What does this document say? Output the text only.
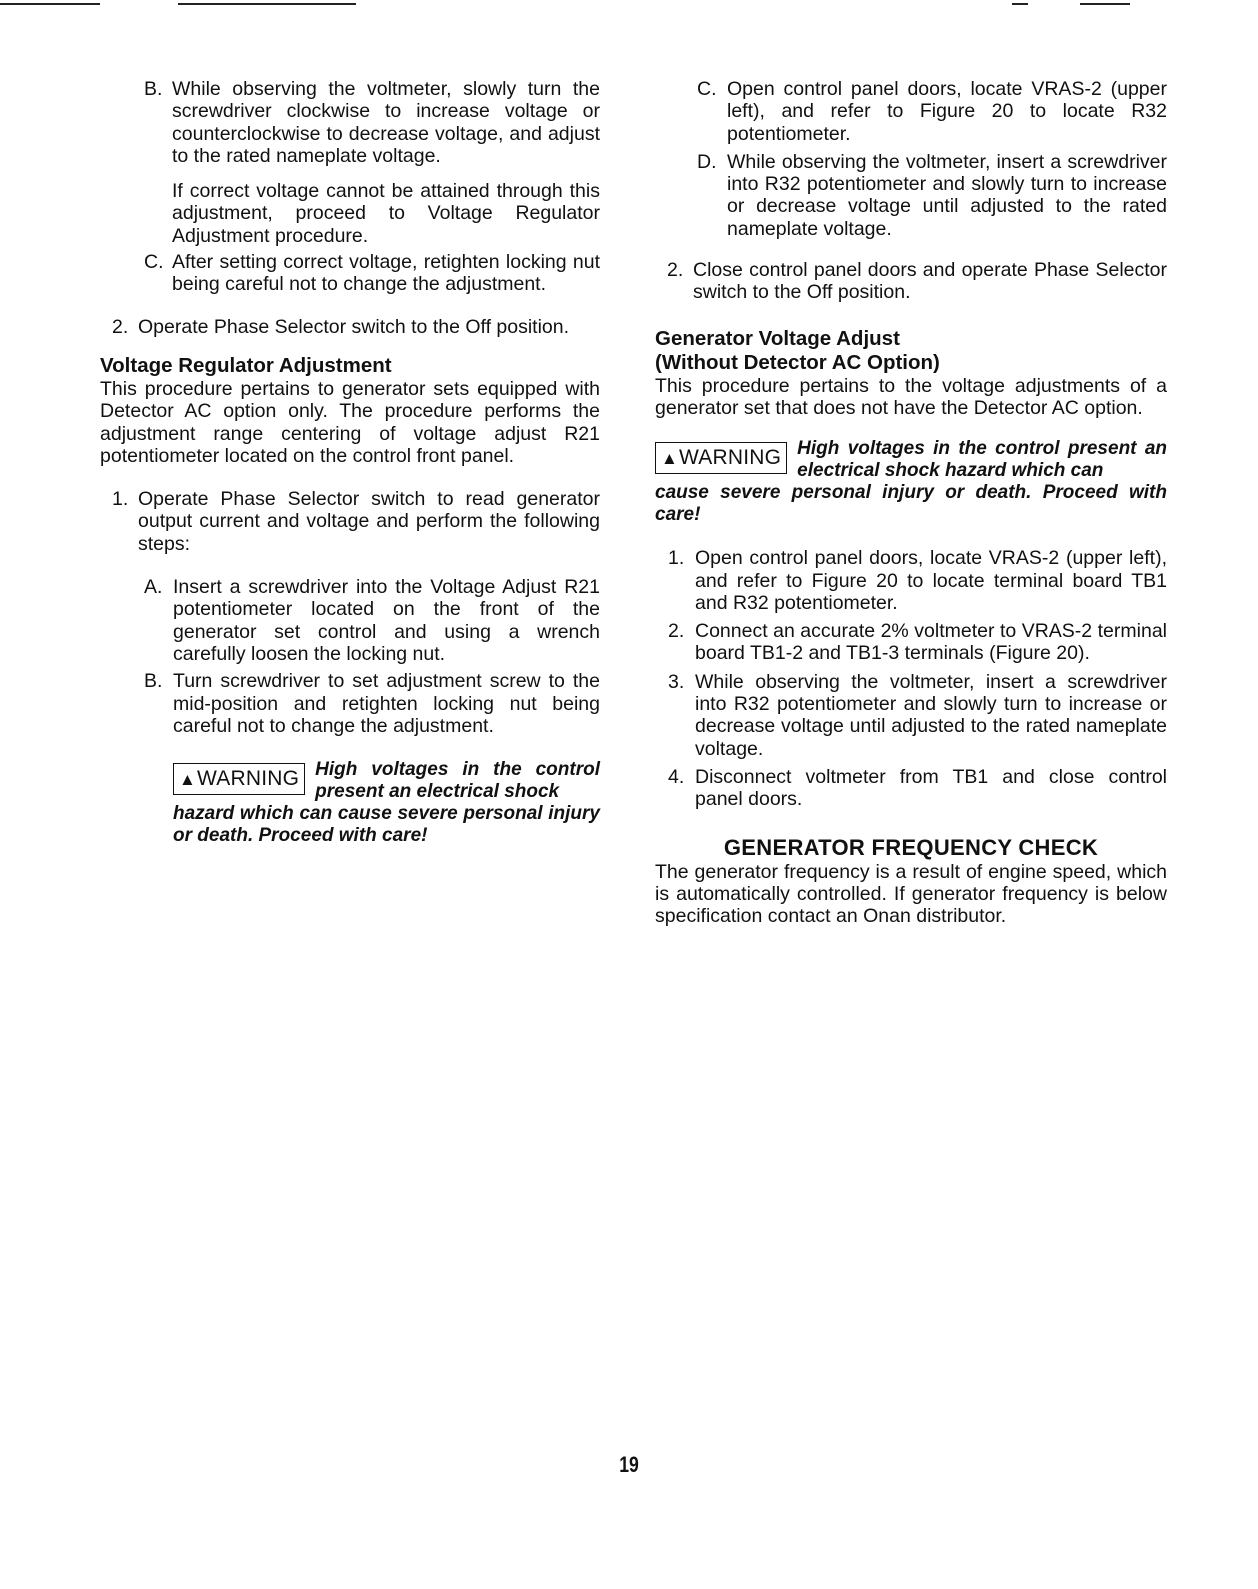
B. While observing the voltmeter, slowly turn the screwdriver clockwise to increase voltage or counterclockwise to decrease voltage, and adjust to the rated nameplate voltage.
If correct voltage cannot be attained through this adjustment, proceed to Voltage Regulator Adjustment procedure.
C. After setting correct voltage, retighten locking nut being careful not to change the adjustment.
2. Operate Phase Selector switch to the Off position.
Voltage Regulator Adjustment
This procedure pertains to generator sets equipped with Detector AC option only. The procedure performs the adjustment range centering of voltage adjust R21 potentiometer located on the control front panel.
1. Operate Phase Selector switch to read generator output current and voltage and perform the following steps:
A. Insert a screwdriver into the Voltage Adjust R21 potentiometer located on the front of the generator set control and using a wrench carefully loosen the locking nut.
B. Turn screwdriver to set adjustment screw to the mid-position and retighten locking nut being careful not to change the adjustment.
▲WARNING High voltages in the control present an electrical shock
hazard which can cause severe personal injury or death. Proceed with care!
C. Open control panel doors, locate VRAS-2 (upper left), and refer to Figure 20 to locate R32 potentiometer.
D. While observing the voltmeter, insert a screwdriver into R32 potentiometer and slowly turn to increase or decrease voltage until adjusted to the rated nameplate voltage.
2. Close control panel doors and operate Phase Selector switch to the Off position.
Generator Voltage Adjust
(Without Detector AC Option)
This procedure pertains to the voltage adjustments of a generator set that does not have the Detector AC option.
▲WARNING High voltages in the control present an electrical shock hazard which can
cause severe personal injury or death. Proceed with care!
1. Open control panel doors, locate VRAS-2 (upper left), and refer to Figure 20 to locate terminal board TB1 and R32 potentiometer.
2. Connect an accurate 2% voltmeter to VRAS-2 terminal board TB1-2 and TB1-3 terminals (Figure 20).
3. While observing the voltmeter, insert a screwdriver into R32 potentiometer and slowly turn to increase or decrease voltage until adjusted to the rated nameplate voltage.
4. Disconnect voltmeter from TB1 and close control panel doors.
GENERATOR FREQUENCY CHECK
The generator frequency is a result of engine speed, which is automatically controlled. If generator frequency is below specification contact an Onan distributor.
19
